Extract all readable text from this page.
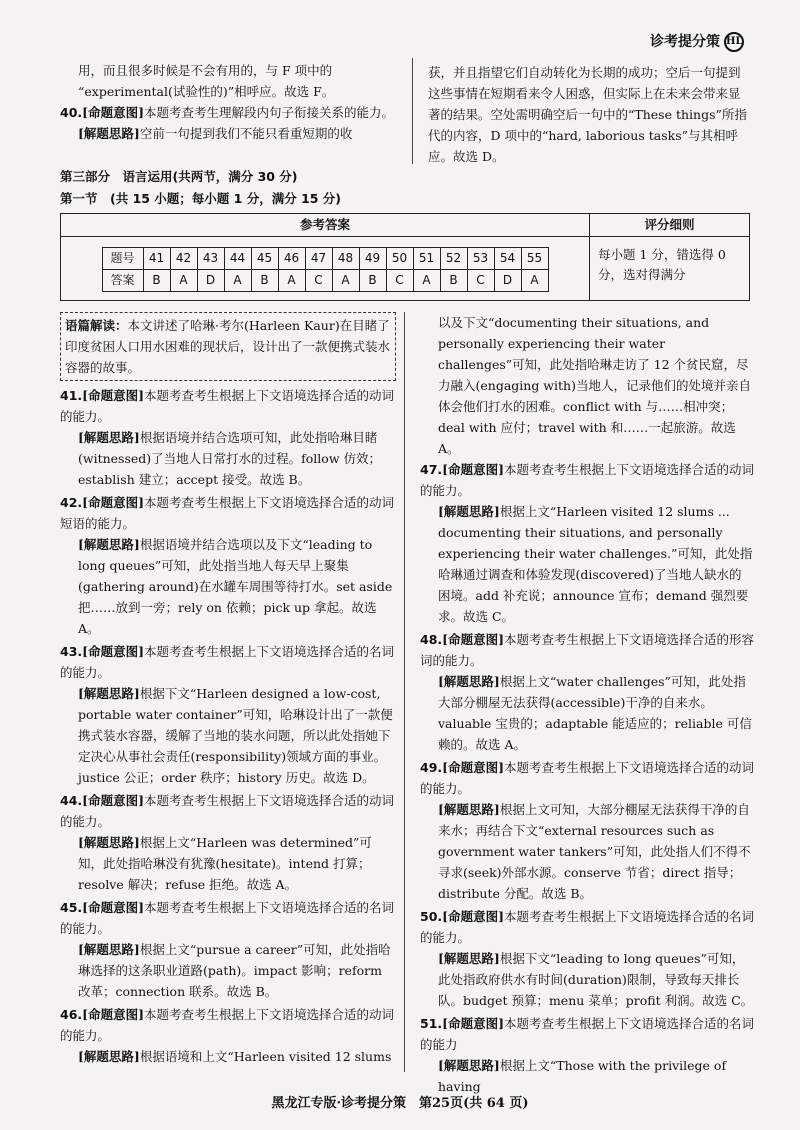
诊考提分策 HL

用，而且很多时候是不会有用的，与 F 项中的

“experimental(试验性的)”相呼应。故选 F。

40.[命题意图]本题考查考生理解段内句子衔接关系的能力。

[解题思路]空前一句提到我们不能只看重短期的收

获，并且指望它们自动转化为长期的成功；空后一句提到这些事情在短期看来令人困惑，但实际上在未来会带来显著的结果。空处需明确空后一句中的“These things”所指代的内容，D 项中的“hard, laborious tasks”与其相呼应。故选 D。

第三部分　语言运用(共两节，满分 30 分)
第一节　(共 15 小题；每小题 1 分，满分 15 分)
参考答案	评分细则
题号	41	42	43	44	45	46	47	48	49	50	51	52	53	54	55
答案	B	A	D	A	B	A	C	A	B	C	A	B	C	D	A
每小题 1 分，错选得 0 分，选对得满分
语篇解读：本文讲述了哈琳·考尔(Harleen Kaur)在目睹了印度贫困人口用水困难的现状后，设计出了一款便携式装水容器的故事。

41.[命题意图]本题考查考生根据上下文语境选择合适的动词的能力。

[解题思路]根据语境并结合选项可知，此处指哈琳目睹(witnessed)了当地人日常打水的过程。follow 仿效；establish 建立；accept 接受。故选 B。

42.[命题意图]本题考查考生根据上下文语境选择合适的动词短语的能力。

[解题思路]根据语境并结合选项以及下文“leading to long queues”可知，此处指当地人每天早上聚集(gathering around)在水罐车周围等待打水。set aside 把……放到一旁；rely on 依赖；pick up 拿起。故选 A。

43.[命题意图]本题考查考生根据上下文语境选择合适的名词的能力。

[解题思路]根据下文“Harleen designed a low-cost, portable water container”可知，哈琳设计出了一款便携式装水容器，缓解了当地的装水问题，所以此处指她下定决心从事社会责任(responsibility)领域方面的事业。justice 公正；order 秩序；history 历史。故选 D。

44.[命题意图]本题考查考生根据上下文语境选择合适的动词的能力。

[解题思路]根据上文“Harleen was determined”可知，此处指哈琳没有犹豫(hesitate)。intend 打算；resolve 解决；refuse 拒绝。故选 A。

45.[命题意图]本题考查考生根据上下文语境选择合适的名词的能力。

[解题思路]根据上文“pursue a career”可知，此处指哈琳选择的这条职业道路(path)。impact 影响；reform 改革；connection 联系。故选 B。

46.[命题意图]本题考查考生根据上下文语境选择合适的动词的能力。

[解题思路]根据语境和上文“Harleen visited 12 slums

以及下文“documenting their situations, and personally experiencing their water challenges”可知，此处指哈琳走访了 12 个贫民窟，尽力融入(engaging with)当地人，记录他们的处境并亲自体会他们打水的困难。conflict with 与……相冲突；deal with 应付；travel with 和……一起旅游。故选 A。

47.[命题意图]本题考查考生根据上下文语境选择合适的动词的能力。

[解题思路]根据上文“Harleen visited 12 slums ... documenting their situations, and personally experiencing their water challenges.”可知，此处指哈琳通过调查和体验发现(discovered)了当地人缺水的困境。add 补充说；announce 宣布；demand 强烈要求。故选 C。

48.[命题意图]本题考查考生根据上下文语境选择合适的形容词的能力。

[解题思路]根据上文“water challenges”可知，此处指大部分棚屋无法获得(accessible)干净的自来水。valuable 宝贵的；adaptable 能适应的；reliable 可信赖的。故选 A。

49.[命题意图]本题考查考生根据上下文语境选择合适的动词的能力。

[解题思路]根据上文可知，大部分棚屋无法获得干净的自来水；再结合下文“external resources such as government water tankers”可知，此处指人们不得不寻求(seek)外部水源。conserve 节省；direct 指导；distribute 分配。故选 B。

50.[命题意图]本题考查考生根据上下文语境选择合适的名词的能力。

[解题思路]根据下文“leading to long queues”可知，此处指政府供水有时间(duration)限制，导致每天排长队。budget 预算；menu 菜单；profit 利润。故选 C。

51.[命题意图]本题考查考生根据上下文语境选择合适的名词的能力

[解题思路]根据上文“Those with the privilege of having

黑龙江专版·诊考提分策　第25页(共 64 页)
